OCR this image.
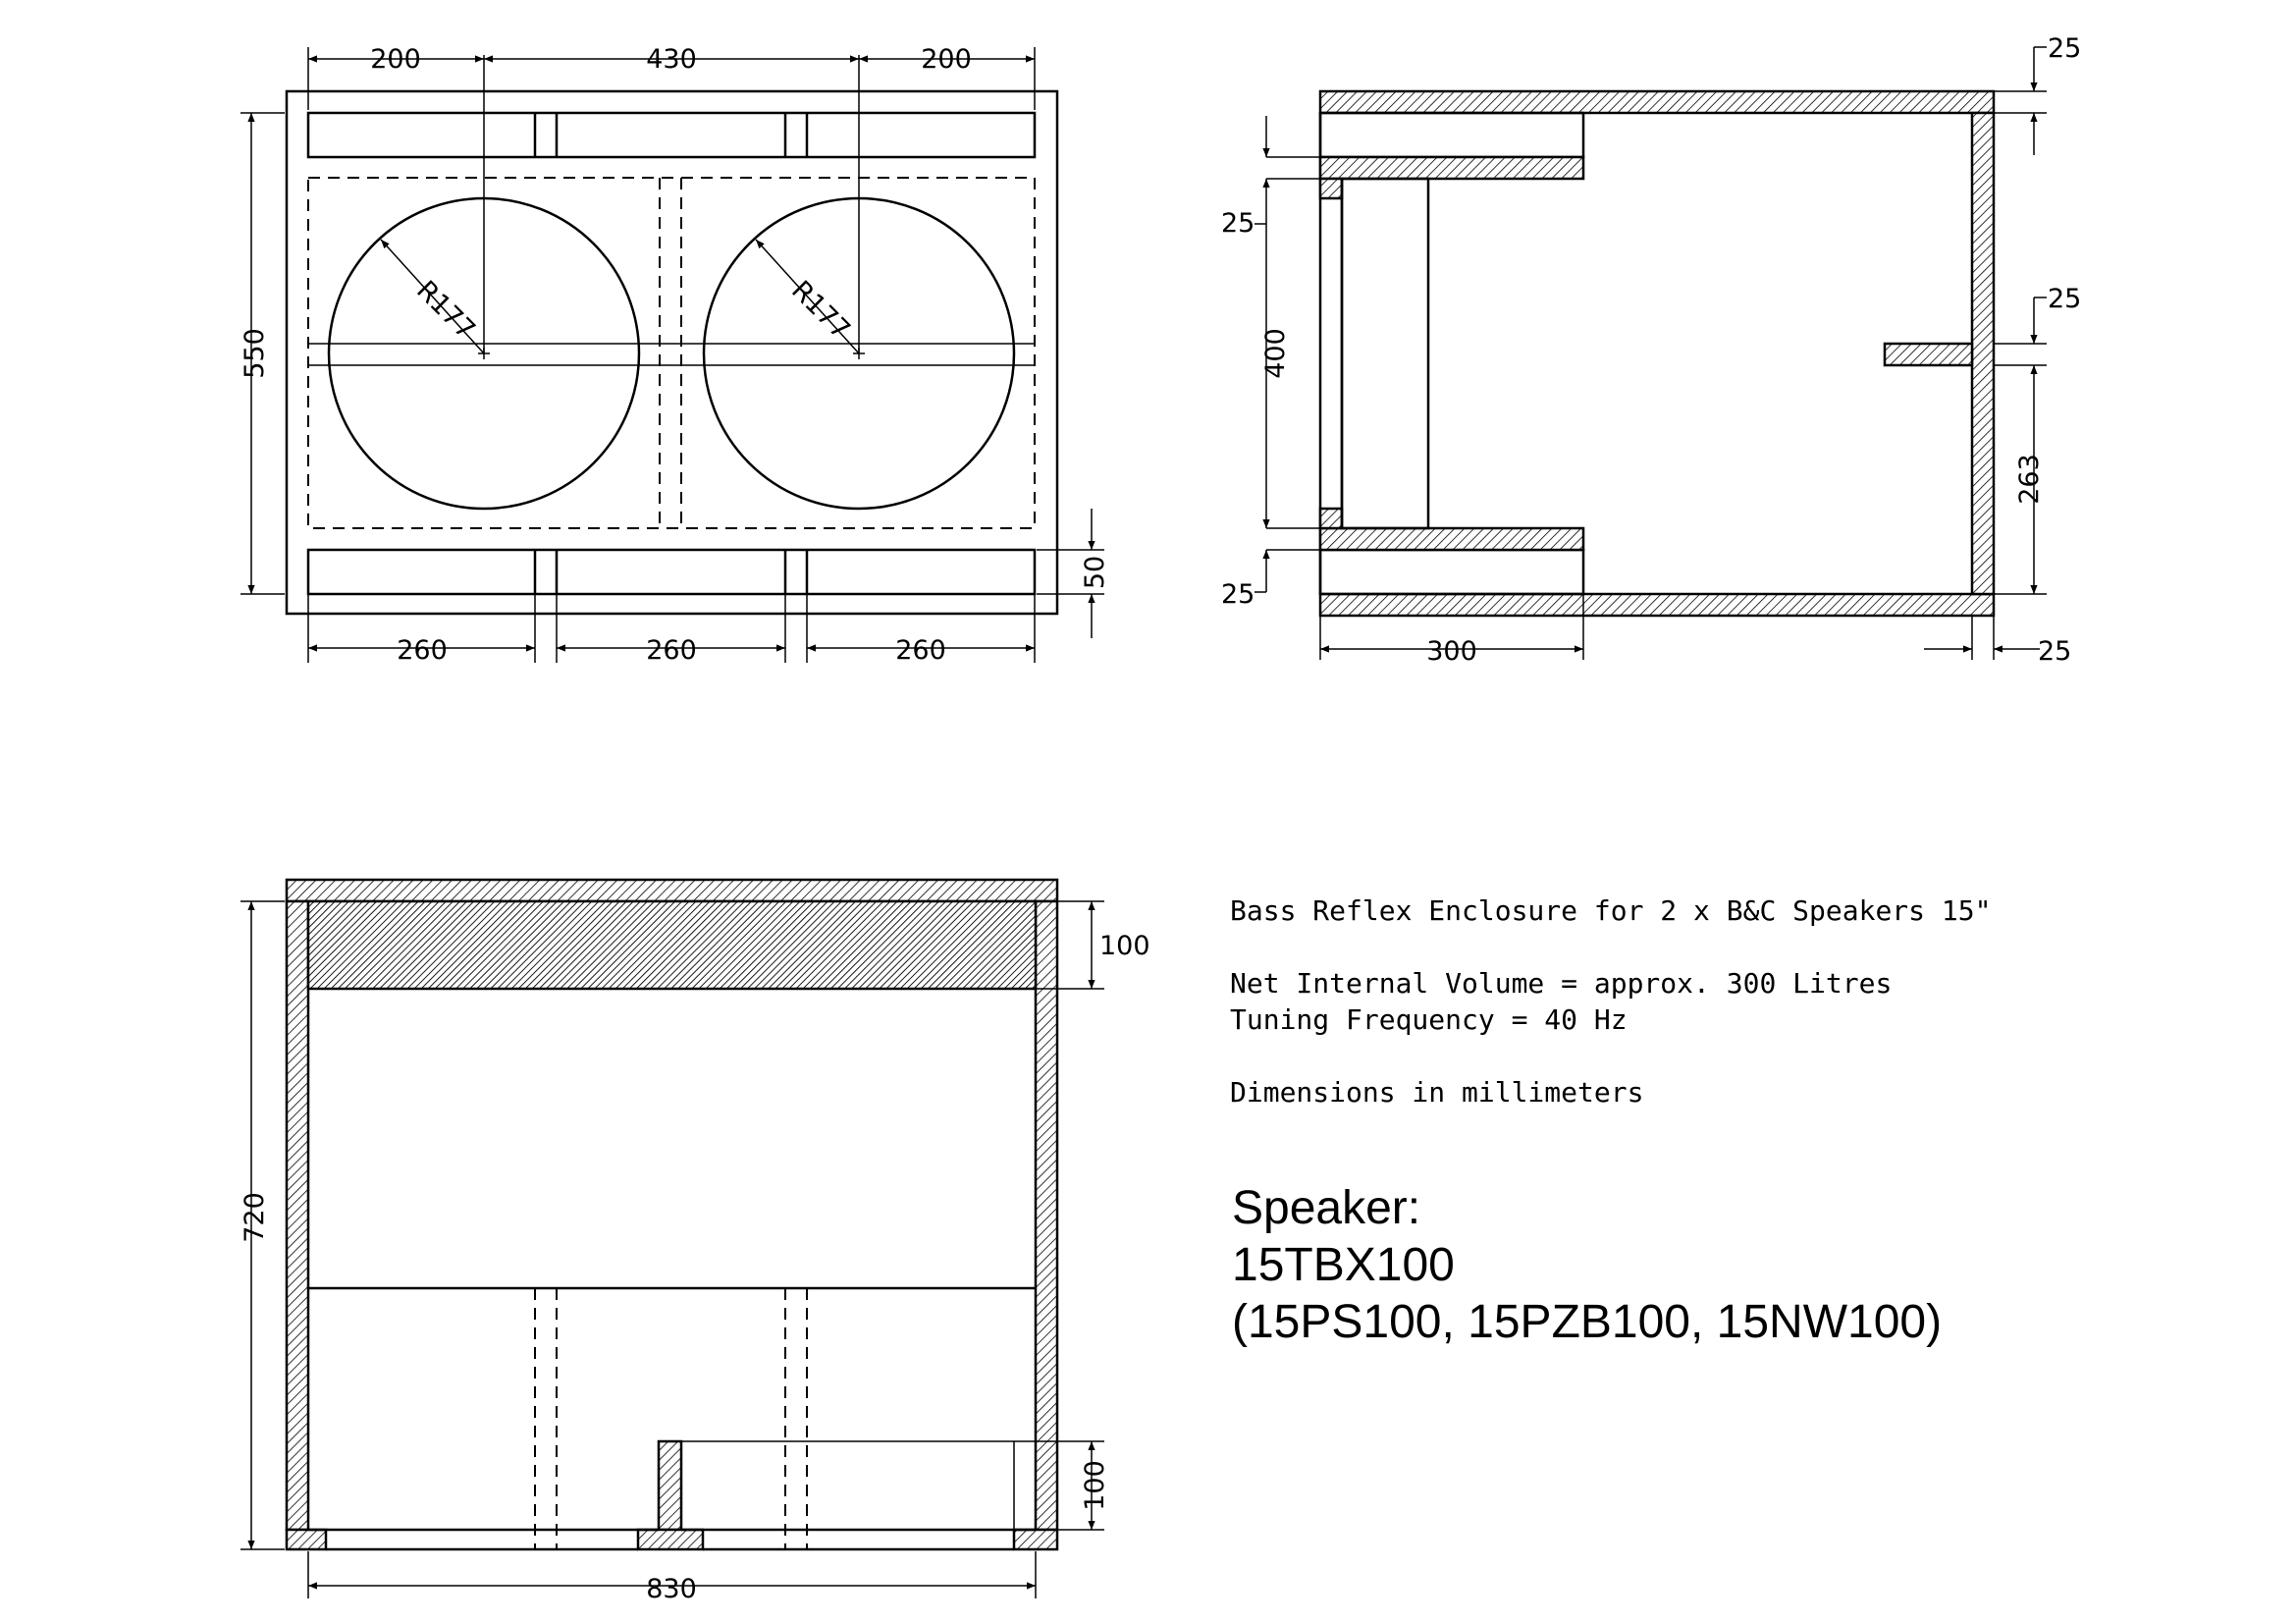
R177	R177
200	430	200
550
260	260	260
50
25
25
263
25
400
25
300	25
100
720
100
830
Bass Reflex Enclosure for 2 x B&C Speakers 15"
Net Internal Volume = approx. 300 Litres
Tuning Frequency = 40 Hz
Dimensions in millimeters
Speaker:
15TBX100
(15PS100, 15PZB100, 15NW100)
